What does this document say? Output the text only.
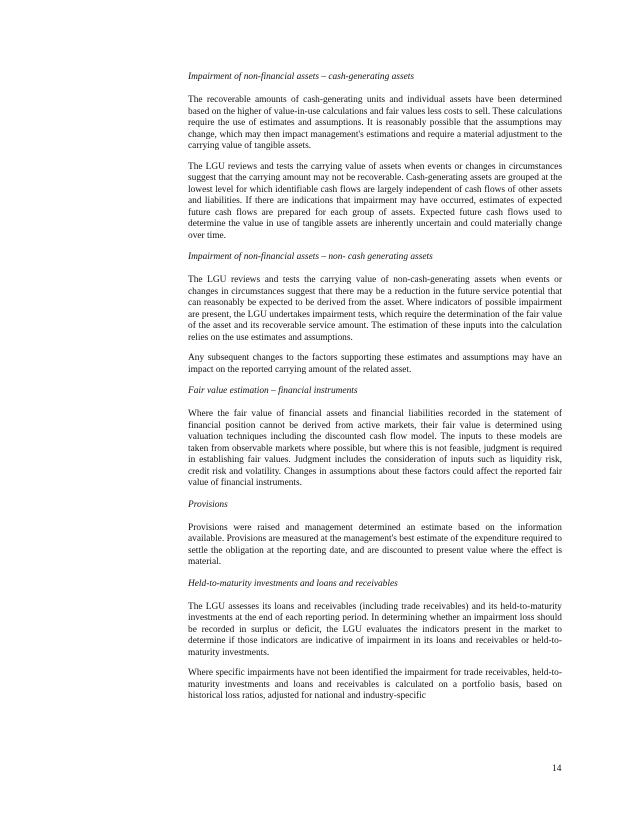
Impairment of non-financial assets – cash-generating assets

The recoverable amounts of cash-generating units and individual assets have been determined based on the higher of value-in-use calculations and fair values less costs to sell. These calculations require the use of estimates and assumptions. It is reasonably possible that the assumptions may change, which may then impact management's estimations and require a material adjustment to the carrying value of tangible assets.

The LGU reviews and tests the carrying value of assets when events or changes in circumstances suggest that the carrying amount may not be recoverable. Cash-generating assets are grouped at the lowest level for which identifiable cash flows are largely independent of cash flows of other assets and liabilities. If there are indications that impairment may have occurred, estimates of expected future cash flows are prepared for each group of assets. Expected future cash flows used to determine the value in use of tangible assets are inherently uncertain and could materially change over time.

Impairment of non-financial assets – non- cash generating assets

The LGU reviews and tests the carrying value of non-cash-generating assets when events or changes in circumstances suggest that there may be a reduction in the future service potential that can reasonably be expected to be derived from the asset. Where indicators of possible impairment are present, the LGU undertakes impairment tests, which require the determination of the fair value of the asset and its recoverable service amount. The estimation of these inputs into the calculation relies on the use estimates and assumptions.

Any subsequent changes to the factors supporting these estimates and assumptions may have an impact on the reported carrying amount of the related asset.

Fair value estimation – financial instruments

Where the fair value of financial assets and financial liabilities recorded in the statement of financial position cannot be derived from active markets, their fair value is determined using valuation techniques including the discounted cash flow model. The inputs to these models are taken from observable markets where possible, but where this is not feasible, judgment is required in establishing fair values. Judgment includes the consideration of inputs such as liquidity risk, credit risk and volatility. Changes in assumptions about these factors could affect the reported fair value of financial instruments.

Provisions

Provisions were raised and management determined an estimate based on the information available. Provisions are measured at the management's best estimate of the expenditure required to settle the obligation at the reporting date, and are discounted to present value where the effect is material.

Held-to-maturity investments and loans and receivables

The LGU assesses its loans and receivables (including trade receivables) and its held-to-maturity investments at the end of each reporting period. In determining whether an impairment loss should be recorded in surplus or deficit, the LGU evaluates the indicators present in the market to determine if those indicators are indicative of impairment in its loans and receivables or held-to-maturity investments.

Where specific impairments have not been identified the impairment for trade receivables, held-to-maturity investments and loans and receivables is calculated on a portfolio basis, based on historical loss ratios, adjusted for national and industry-specific

14
